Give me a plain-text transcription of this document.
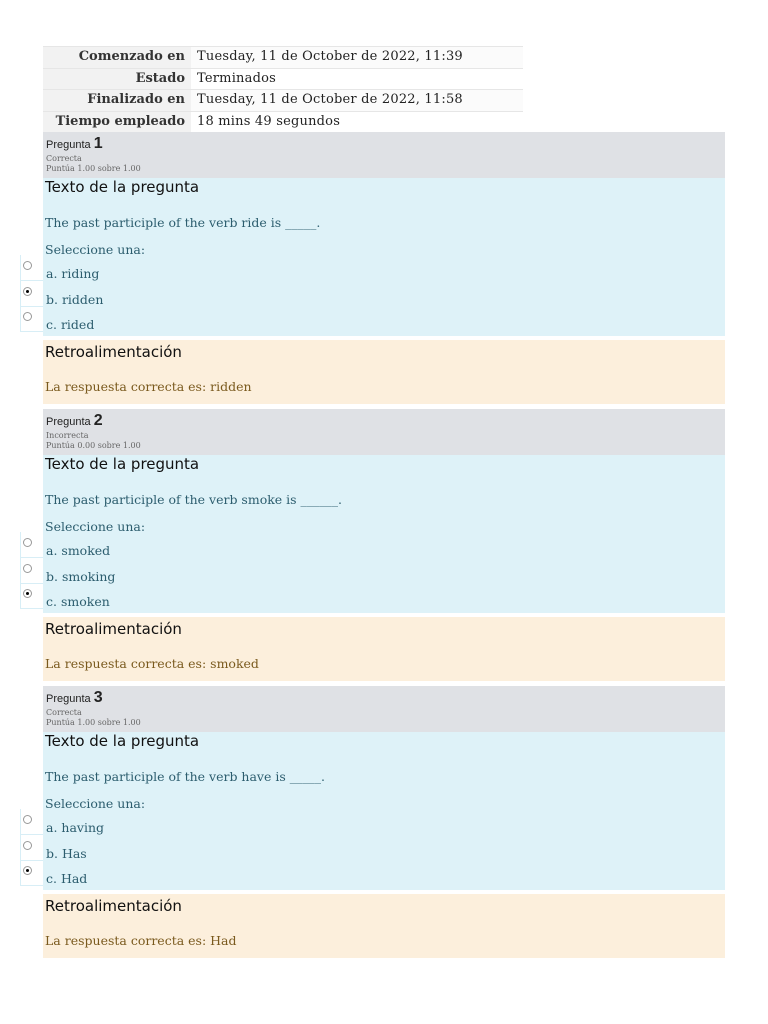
Comenzado en	Tuesday, 11 de October de 2022, 11:39
Estado	Terminados
Finalizado en	Tuesday, 11 de October de 2022, 11:58
Tiempo empleado	18 mins 49 segundos
Pregunta 1
Correcta
Puntúa 1.00 sobre 1.00
Texto de la pregunta
The past participle of the verb ride is _____.
Seleccione una:
a. riding
b. ridden
c. rided
Retroalimentación
La respuesta correcta es: ridden
Pregunta 2
Incorrecta
Puntúa 0.00 sobre 1.00
Texto de la pregunta
The past participle of the verb smoke is ______.
Seleccione una:
a. smoked
b. smoking
c. smoken
Retroalimentación
La respuesta correcta es: smoked
Pregunta 3
Correcta
Puntúa 1.00 sobre 1.00
Texto de la pregunta
The past participle of the verb have is _____.
Seleccione una:
a. having
b. Has
c. Had
Retroalimentación
La respuesta correcta es: Had
